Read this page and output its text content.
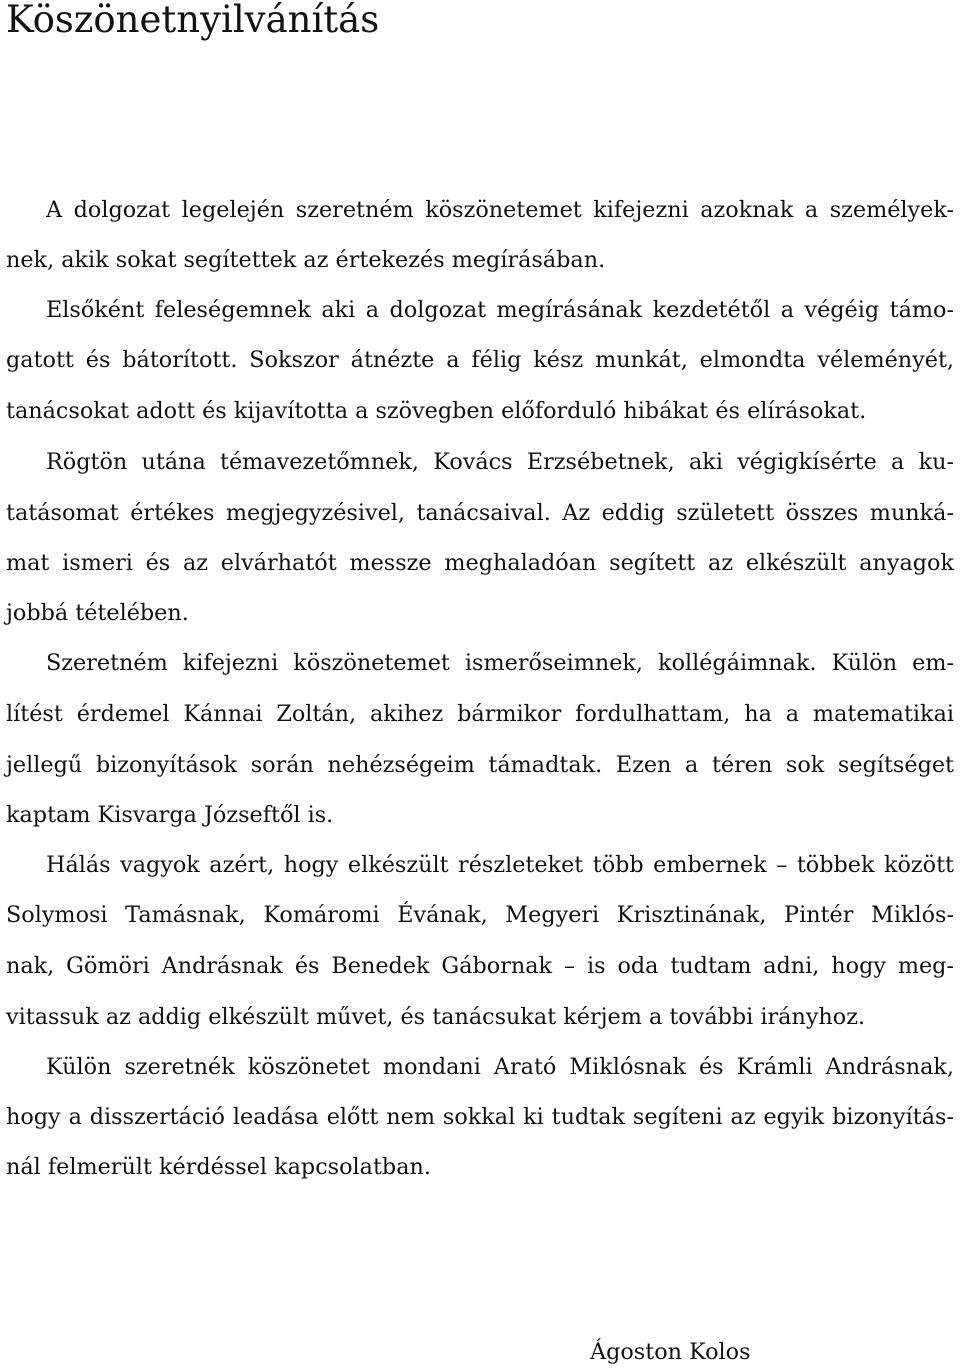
Köszönetnyilvánítás
A dolgozat legelején szeretném köszönetemet kifejezni azoknak a személyek-
nek, akik sokat segítettek az értekezés megírásában.
Elsőként feleségemnek aki a dolgozat megírásának kezdetétől a végéig támo-
gatott és bátorított. Sokszor átnézte a félig kész munkát, elmondta véleményét,
tanácsokat adott és kijavította a szövegben előforduló hibákat és elírásokat.
Rögtön utána témavezetőmnek, Kovács Erzsébetnek, aki végigkísérte a ku-
tatásomat értékes megjegyzésivel, tanácsaival. Az eddig született összes munká-
mat ismeri és az elvárhatót messze meghaladóan segített az elkészült anyagok
jobbá tételében.
Szeretném kifejezni köszönetemet ismerőseimnek, kollégáimnak. Külön em-
lítést érdemel Kánnai Zoltán, akihez bármikor fordulhattam, ha a matematikai
jellegű bizonyítások során nehézségeim támadtak. Ezen a téren sok segítséget
kaptam Kisvarga Józseftől is.
Hálás vagyok azért, hogy elkészült részleteket több embernek – többek között
Solymosi Tamásnak, Komáromi Évának, Megyeri Krisztinának, Pintér Miklós-
nak, Gömöri Andrásnak és Benedek Gábornak – is oda tudtam adni, hogy meg-
vitassuk az addig elkészült művet, és tanácsukat kérjem a további irányhoz.
Külön szeretnék köszönetet mondani Arató Miklósnak és Krámli Andrásnak,
hogy a disszertáció leadása előtt nem sokkal ki tudtak segíteni az egyik bizonyítás-
nál felmerült kérdéssel kapcsolatban.
Ágoston Kolos
